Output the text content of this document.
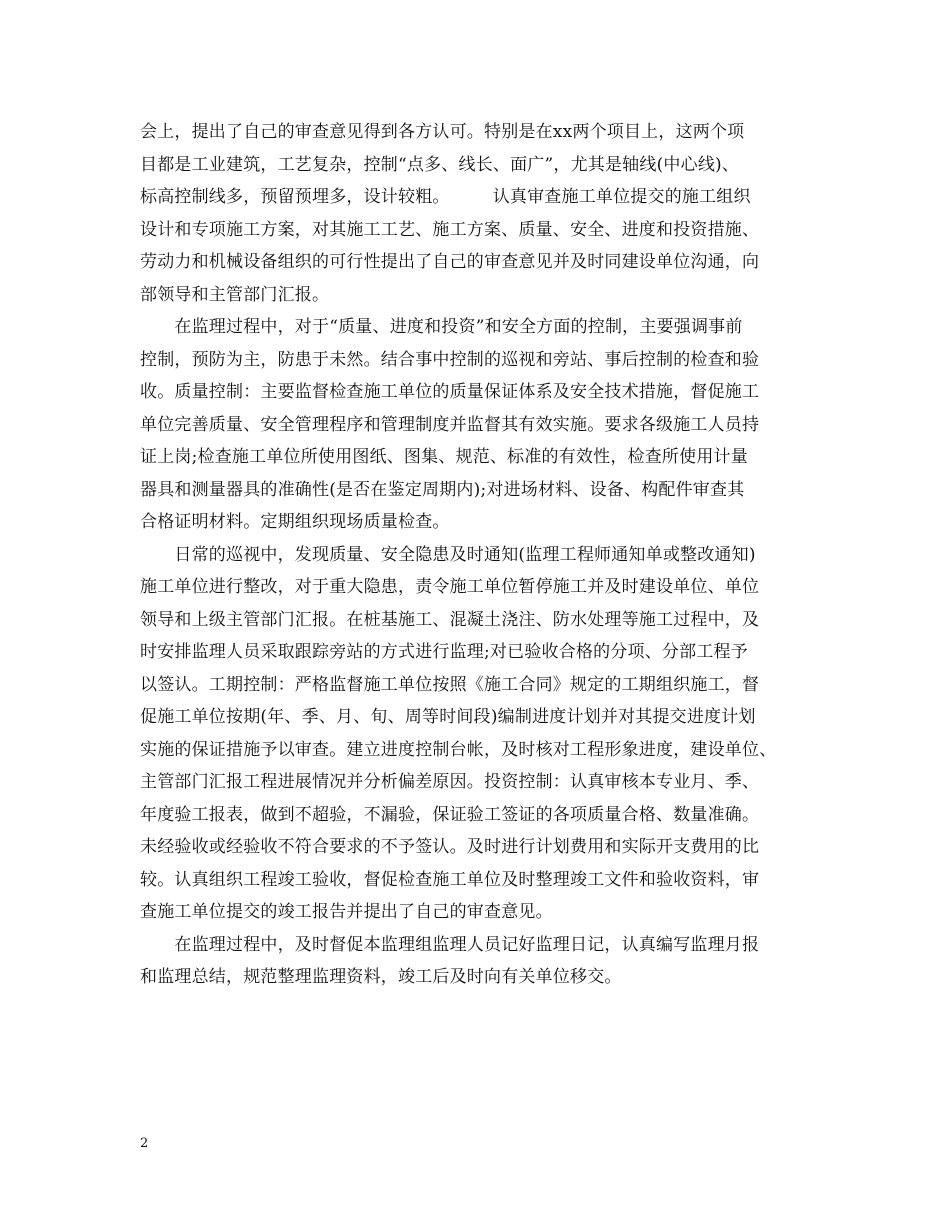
会上，提出了自己的审查意见得到各方认可。特别是在xx两个项目上，这两个项
目都是工业建筑，工艺复杂，控制“点多、线长、面广”，尤其是轴线(中心线)、
标高控制线多，预留预埋多，设计较粗。　　　认真审查施工单位提交的施工组织
设计和专项施工方案，对其施工工艺、施工方案、质量、安全、进度和投资措施、
劳动力和机械设备组织的可行性提出了自己的审查意见并及时同建设单位沟通，向
部领导和主管部门汇报。
　　在监理过程中，对于“质量、进度和投资”和安全方面的控制，主要强调事前
控制，预防为主，防患于未然。结合事中控制的巡视和旁站、事后控制的检查和验
收。质量控制：主要监督检查施工单位的质量保证体系及安全技术措施，督促施工
单位完善质量、安全管理程序和管理制度并监督其有效实施。要求各级施工人员持
证上岗;检查施工单位所使用图纸、图集、规范、标准的有效性，检查所使用计量
器具和测量器具的准确性(是否在鉴定周期内);对进场材料、设备、构配件审查其
合格证明材料。定期组织现场质量检查。
　　日常的巡视中，发现质量、安全隐患及时通知(监理工程师通知单或整改通知)
施工单位进行整改，对于重大隐患，责令施工单位暂停施工并及时建设单位、单位
领导和上级主管部门汇报。在桩基施工、混凝土浇注、防水处理等施工过程中，及
时安排监理人员采取跟踪旁站的方式进行监理;对已验收合格的分项、分部工程予
以签认。工期控制：严格监督施工单位按照《施工合同》规定的工期组织施工，督
促施工单位按期(年、季、月、旬、周等时间段)编制进度计划并对其提交进度计划
实施的保证措施予以审查。建立进度控制台帐，及时核对工程形象进度，建设单位、
主管部门汇报工程进展情况并分析偏差原因。投资控制：认真审核本专业月、季、
年度验工报表，做到不超验，不漏验，保证验工签证的各项质量合格、数量准确。
未经验收或经验收不符合要求的不予签认。及时进行计划费用和实际开支费用的比
较。认真组织工程竣工验收，督促检查施工单位及时整理竣工文件和验收资料，审
查施工单位提交的竣工报告并提出了自己的审查意见。
　　在监理过程中，及时督促本监理组监理人员记好监理日记，认真编写监理月报
和监理总结，规范整理监理资料，竣工后及时向有关单位移交。
2
